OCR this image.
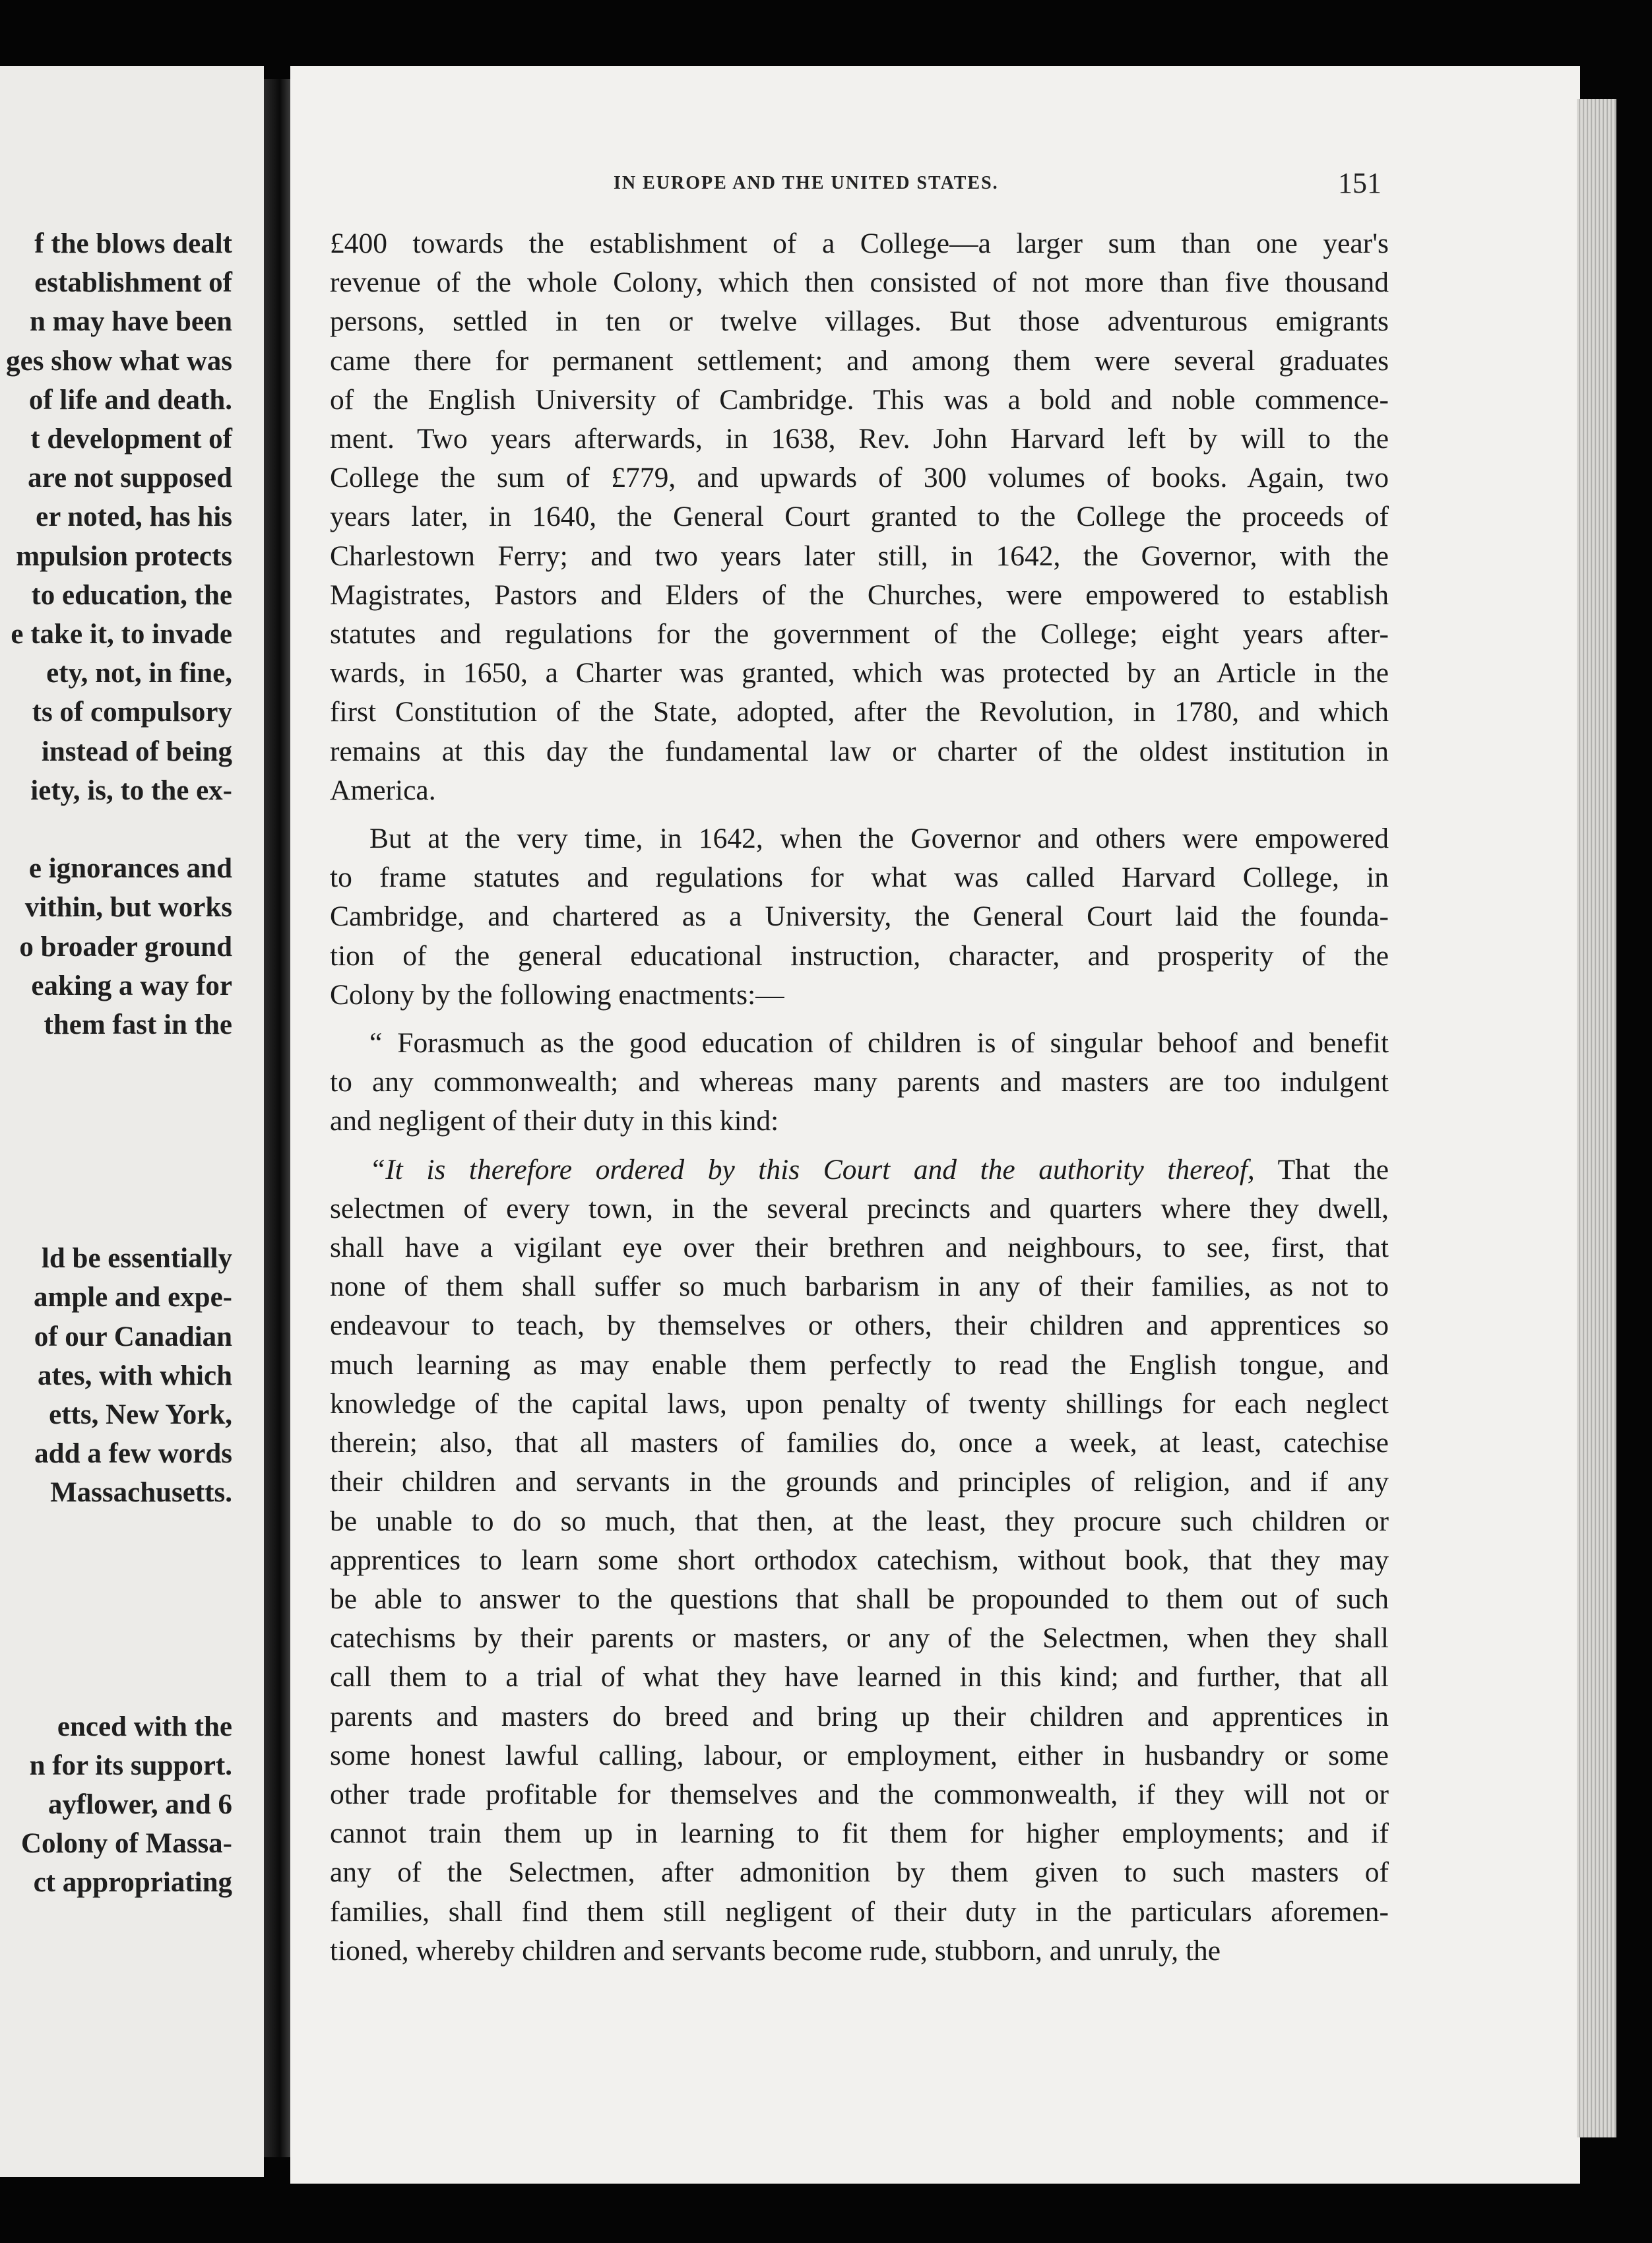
f the blows dealt
establishment of
n may have been
ges show what was
of life and death.
t development of
are not supposed
er noted, has his
mpulsion protects
to education, the
e take it, to invade
ety, not, in fine,
ts of compulsory
instead of being
iety, is, to the ex-
e ignorances and
vithin, but works
o broader ground
eaking a way for
them fast in the
ld be essentially
ample and expe-
of our Canadian
ates, with which
etts, New York,
add a few words
Massachusetts.
enced with the
n for its support.
ayflower, and 6
Colony of Massa-
ct appropriating
IN EUROPE AND THE UNITED STATES.	151
£400 towards the establishment of a College—a larger sum than one year's
revenue of the whole Colony, which then consisted of not more than five thousand
persons, settled in ten or twelve villages. But those adventurous emigrants
came there for permanent settlement; and among them were several graduates
of the English University of Cambridge. This was a bold and noble commence-
ment. Two years afterwards, in 1638, Rev. John Harvard left by will to the
College the sum of £779, and upwards of 300 volumes of books. Again, two
years later, in 1640, the General Court granted to the College the proceeds of
Charlestown Ferry; and two years later still, in 1642, the Governor, with the
Magistrates, Pastors and Elders of the Churches, were empowered to establish
statutes and regulations for the government of the College; eight years after-
wards, in 1650, a Charter was granted, which was protected by an Article in the
first Constitution of the State, adopted, after the Revolution, in 1780, and which
remains at this day the fundamental law or charter of the oldest institution in
America.
But at the very time, in 1642, when the Governor and others were empowered
to frame statutes and regulations for what was called Harvard College, in
Cambridge, and chartered as a University, the General Court laid the founda-
tion of the general educational instruction, character, and prosperity of the
Colony by the following enactments:—
“ Forasmuch as the good education of children is of singular behoof and benefit
to any commonwealth; and whereas many parents and masters are too indulgent
and negligent of their duty in this kind:
“It is therefore ordered by this Court and the authority thereof, That the
selectmen of every town, in the several precincts and quarters where they dwell,
shall have a vigilant eye over their brethren and neighbours, to see, first, that
none of them shall suffer so much barbarism in any of their families, as not to
endeavour to teach, by themselves or others, their children and apprentices so
much learning as may enable them perfectly to read the English tongue, and
knowledge of the capital laws, upon penalty of twenty shillings for each neglect
therein; also, that all masters of families do, once a week, at least, catechise
their children and servants in the grounds and principles of religion, and if any
be unable to do so much, that then, at the least, they procure such children or
apprentices to learn some short orthodox catechism, without book, that they may
be able to answer to the questions that shall be propounded to them out of such
catechisms by their parents or masters, or any of the Selectmen, when they shall
call them to a trial of what they have learned in this kind; and further, that all
parents and masters do breed and bring up their children and apprentices in
some honest lawful calling, labour, or employment, either in husbandry or some
other trade profitable for themselves and the commonwealth, if they will not or
cannot train them up in learning to fit them for higher employments; and if
any of the Selectmen, after admonition by them given to such masters of
families, shall find them still negligent of their duty in the particulars aforemen-
tioned, whereby children and servants become rude, stubborn, and unruly, the
